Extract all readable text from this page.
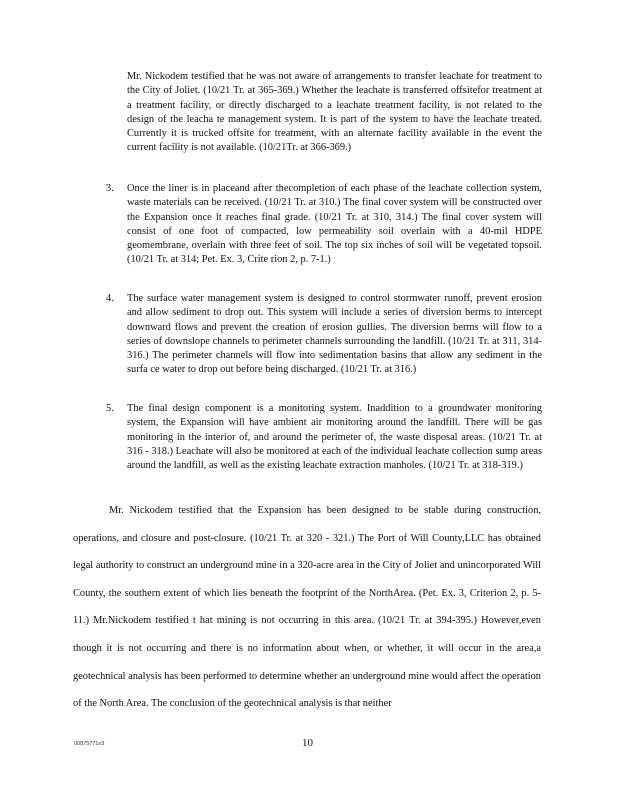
Mr. Nickodem testified that he was not aware of arrangements to transfer leachate for treatment to the City of Joliet. (10/21 Tr. at 365-369.) Whether the leachate is transferred offsitefor treatment at a treatment facility, or directly discharged to a leachate treatment facility, is not related to the design of the leacha te management system. It is part of the system to have the leachate treated. Currently it is trucked offsite for treatment, with an alternate facility available in the event the current facility is not available. (10/21Tr. at 366-369.)

3.	Once the liner is in placeand after thecompletion of each phase of the leachate collection system, waste materials can be received. (10/21 Tr. at 310.) The final cover system will be constructed over the Expansion once it reaches final grade. (10/21 Tr. at 310, 314.) The final cover system will consist of one foot of compacted, low permeability soil overlain with a 40-mil HDPE geomembrane, overlain with three feet of soil. The top six inches of soil will be vegetated topsoil. (10/21 Tr. at 314; Pet. Ex. 3, Crite rion 2, p. 7-1.)
4.	The surface water management system is designed to control stormwater runoff, prevent erosion and allow sediment to drop out. This system will include a series of diversion berms to intercept downward flows and prevent the creation of erosion gullies. The diversion berms will flow to a series of downslope channels to perimeter channels surrounding the landfill. (10/21 Tr. at 311, 314-316.) The perimeter channels will flow into sedimentation basins that allow any sediment in the surfa ce water to drop out before being discharged. (10/21 Tr. at 316.)
5.	The final design component is a monitoring system. Inaddition to a groundwater monitoring system, the Expansion will have ambient air monitoring around the landfill. There will be gas monitoring in the interior of, and around the perimeter of, the waste disposal areas. (10/21 Tr. at 316 - 318.) Leachate will also be monitored at each of the individual leachate collection sump areas around the landfill, as well as the existing leachate extraction manholes. (10/21 Tr. at 318-319.)

Mr. Nickodem testified that the Expansion has been designed to be stable during construction, operations, and closure and post-closure. (10/21 Tr. at 320 - 321.) The Port of Will County,LLC has obtained legal authority to construct an underground mine in a 320-acre area in the City of Joliet and unincorporated Will County, the southern extent of which lies beneath the footprint of the NorthArea. (Pet. Ex. 3, Criterion 2, p. 5-11.) Mr.Nickodem testified t hat mining is not occurring in this area. (10/21 Tr. at 394-395.) However,even though it is not occurring and there is no information about when, or whether, it will occur in the area,a geotechnical analysis has been performed to determine whether an underground mine would affect the operation of the North Area. The conclusion of the geotechnical analysis is that neither

00875771v3	10
